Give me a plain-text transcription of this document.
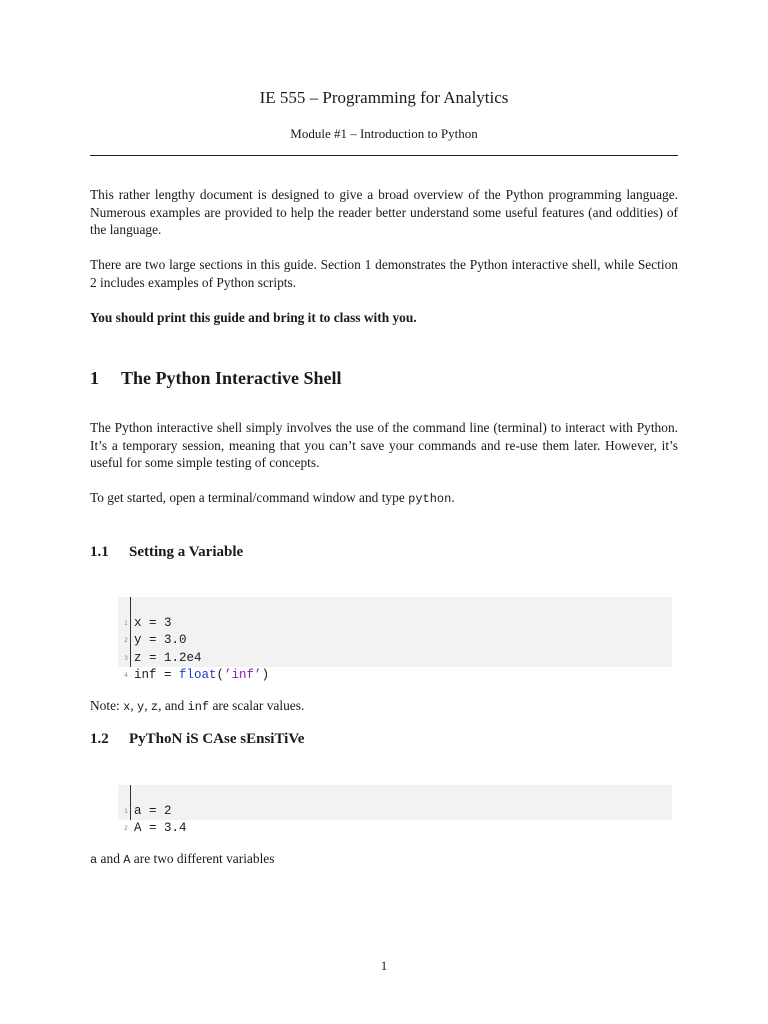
IE 555 – Programming for Analytics
Module #1 – Introduction to Python
This rather lengthy document is designed to give a broad overview of the Python programming language. Numerous examples are provided to help the reader better understand some useful features (and oddities) of the language.
There are two large sections in this guide. Section 1 demonstrates the Python interactive shell, while Section 2 includes examples of Python scripts.
You should print this guide and bring it to class with you.
1 The Python Interactive Shell
The Python interactive shell simply involves the use of the command line (terminal) to interact with Python. It’s a temporary session, meaning that you can’t save your commands and re-use them later. However, it’s useful for some simple testing of concepts.
To get started, open a terminal/command window and type python.
1.1 Setting a Variable

1 x = 3

2 y = 3.0

3 z = 1.2e4

4 inf = float(’inf’)

Note: x, y, z, and inf are scalar values.
1.2 PyThoN iS CAse sEnsiTiVe

1 a = 2

2 A = 3.4

a and A are two different variables
1
